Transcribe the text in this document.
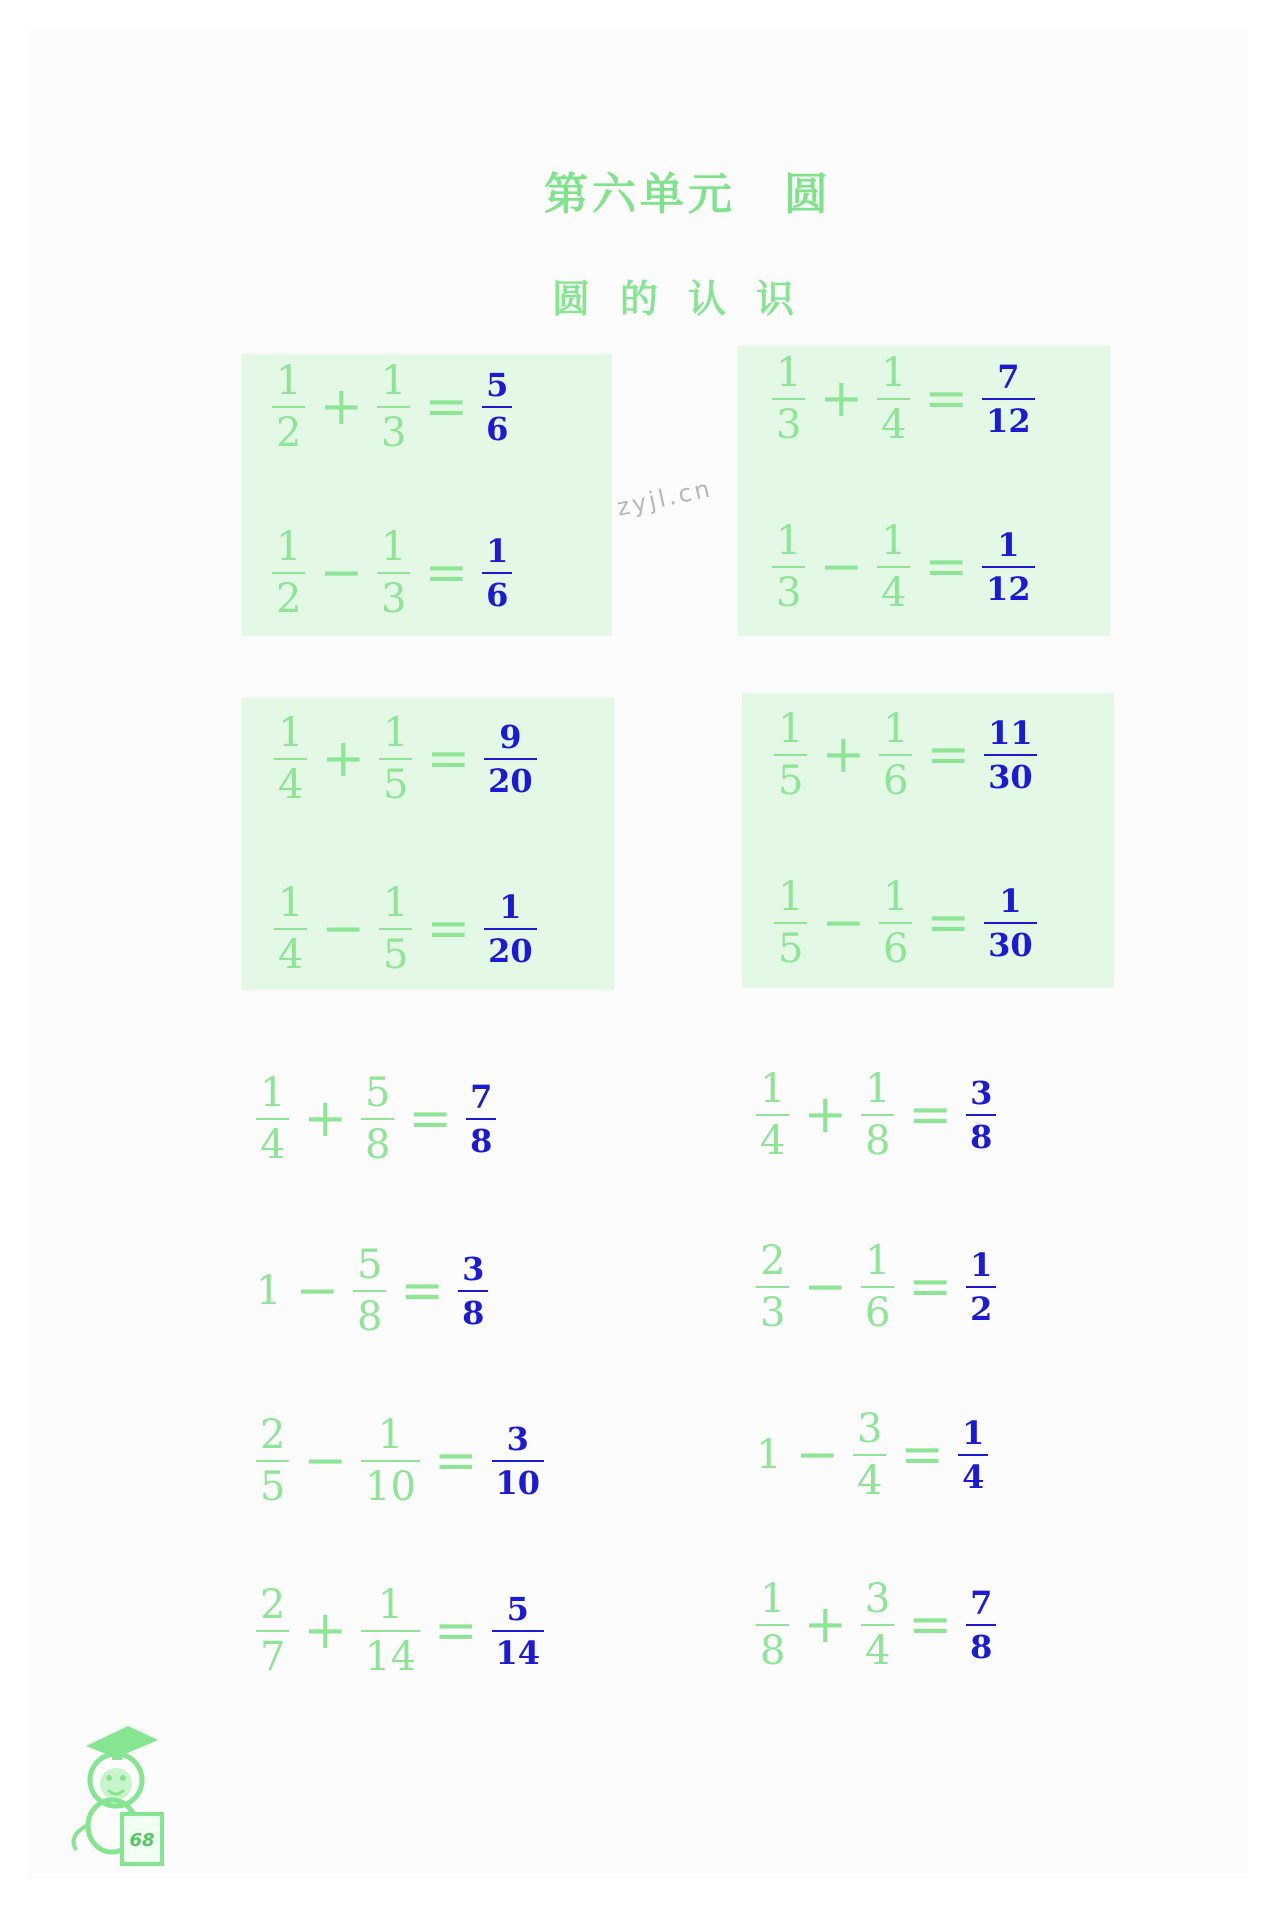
第六单元　圆
圆的认识
zyjl.cn
$\frac{1}{2} + \frac{1}{3} = \frac{5}{6}$	$\frac{1}{3} + \frac{1}{4} = \frac{7}{12}$
$\frac{1}{2} - \frac{1}{3} = \frac{1}{6}$	$\frac{1}{3} - \frac{1}{4} = \frac{1}{12}$
$\frac{1}{4} + \frac{1}{5} = \frac{9}{20}$	$\frac{1}{5} + \frac{1}{6} = \frac{11}{30}$
$\frac{1}{4} - \frac{1}{5} = \frac{1}{20}$	$\frac{1}{5} - \frac{1}{6} = \frac{1}{30}$
$\frac{1}{4} + \frac{5}{8} = \frac{7}{8}$	$\frac{1}{4} + \frac{1}{8} = \frac{3}{8}$
$1 - \frac{5}{8} = \frac{3}{8}$	$\frac{2}{3} - \frac{1}{6} = \frac{1}{2}$
$\frac{2}{5} - \frac{1}{10} = \frac{3}{10}$	$1 - \frac{3}{4} = \frac{1}{4}$
$\frac{2}{7} + \frac{1}{14} = \frac{5}{14}$	$\frac{1}{8} + \frac{3}{4} = \frac{7}{8}$
68
